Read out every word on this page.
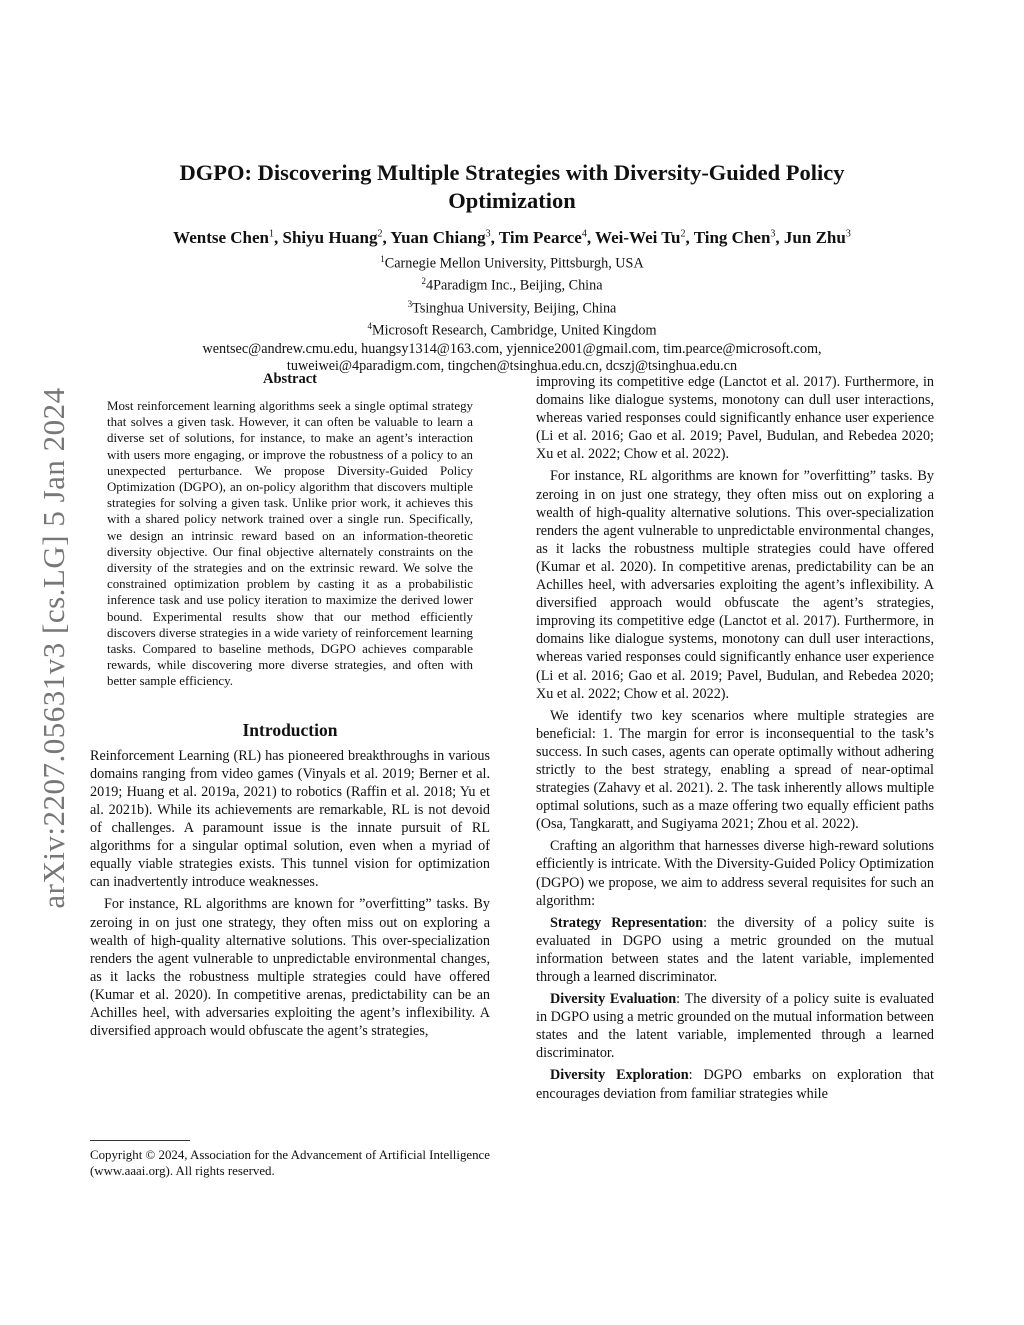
arXiv:2207.05631v3 [cs.LG] 5 Jan 2024
DGPO: Discovering Multiple Strategies with Diversity-Guided Policy
Optimization
Wentse Chen$^1$, Shiyu Huang$^2$, Yuan Chiang$^3$, Tim Pearce$^4$, Wei-Wei Tu$^2$, Ting Chen$^3$, Jun Zhu$^3$
$^1$Carnegie Mellon University, Pittsburgh, USA
$^2$4Paradigm Inc., Beijing, China
$^3$Tsinghua University, Beijing, China
$^4$Microsoft Research, Cambridge, United Kingdom
wentsec@andrew.cmu.edu, huangsy1314@163.com, yjennice2001@gmail.com, tim.pearce@microsoft.com,
tuweiwei@4paradigm.com, tingchen@tsinghua.edu.cn, dcszj@tsinghua.edu.cn
Abstract
Most reinforcement learning algorithms seek a single optimal strategy that solves a given task. However, it can often be valuable to learn a diverse set of solutions, for instance, to make an agent’s interaction with users more engaging, or improve the robustness of a policy to an unexpected perturbance. We propose Diversity-Guided Policy Optimization (DGPO), an on-policy algorithm that discovers multiple strategies for solving a given task. Unlike prior work, it achieves this with a shared policy network trained over a single run. Specifically, we design an intrinsic reward based on an information-theoretic diversity objective. Our final objective alternately constraints on the diversity of the strategies and on the extrinsic reward. We solve the constrained optimization problem by casting it as a probabilistic inference task and use policy iteration to maximize the derived lower bound. Experimental results show that our method efficiently discovers diverse strategies in a wide variety of reinforcement learning tasks. Compared to baseline methods, DGPO achieves comparable rewards, while discovering more diverse strategies, and often with better sample efficiency.
Introduction

Reinforcement Learning (RL) has pioneered breakthroughs in various domains ranging from video games (Vinyals et al. 2019; Berner et al. 2019; Huang et al. 2019a, 2021) to robotics (Raffin et al. 2018; Yu et al. 2021b). While its achievements are remarkable, RL is not devoid of challenges. A paramount issue is the innate pursuit of RL algorithms for a singular optimal solution, even when a myriad of equally viable strategies exists. This tunnel vision for optimization can inadvertently introduce weaknesses.

For instance, RL algorithms are known for ”overfitting” tasks. By zeroing in on just one strategy, they often miss out on exploring a wealth of high-quality alternative solutions. This over-specialization renders the agent vulnerable to unpredictable environmental changes, as it lacks the robustness multiple strategies could have offered (Kumar et al. 2020). In competitive arenas, predictability can be an Achilles heel, with adversaries exploiting the agent’s inflexibility. A diversified approach would obfuscate the agent’s strategies,

Copyright © 2024, Association for the Advancement of Artificial Intelligence (www.aaai.org). All rights reserved.

improving its competitive edge (Lanctot et al. 2017). Furthermore, in domains like dialogue systems, monotony can dull user interactions, whereas varied responses could significantly enhance user experience (Li et al. 2016; Gao et al. 2019; Pavel, Budulan, and Rebedea 2020; Xu et al. 2022; Chow et al. 2022).

For instance, RL algorithms are known for ”overfitting” tasks. By zeroing in on just one strategy, they often miss out on exploring a wealth of high-quality alternative solutions. This over-specialization renders the agent vulnerable to unpredictable environmental changes, as it lacks the robustness multiple strategies could have offered (Kumar et al. 2020). In competitive arenas, predictability can be an Achilles heel, with adversaries exploiting the agent’s inflexibility. A diversified approach would obfuscate the agent’s strategies, improving its competitive edge (Lanctot et al. 2017). Furthermore, in domains like dialogue systems, monotony can dull user interactions, whereas varied responses could significantly enhance user experience (Li et al. 2016; Gao et al. 2019; Pavel, Budulan, and Rebedea 2020; Xu et al. 2022; Chow et al. 2022).

We identify two key scenarios where multiple strategies are beneficial: 1. The margin for error is inconsequential to the task’s success. In such cases, agents can operate optimally without adhering strictly to the best strategy, enabling a spread of near-optimal strategies (Zahavy et al. 2021). 2. The task inherently allows multiple optimal solutions, such as a maze offering two equally efficient paths (Osa, Tangkaratt, and Sugiyama 2021; Zhou et al. 2022).

Crafting an algorithm that harnesses diverse high-reward solutions efficiently is intricate. With the Diversity-Guided Policy Optimization (DGPO) we propose, we aim to address several requisites for such an algorithm:

Strategy Representation: the diversity of a policy suite is evaluated in DGPO using a metric grounded on the mutual information between states and the latent variable, implemented through a learned discriminator.

Diversity Evaluation: The diversity of a policy suite is evaluated in DGPO using a metric grounded on the mutual information between states and the latent variable, implemented through a learned discriminator.

Diversity Exploration: DGPO embarks on exploration that encourages deviation from familiar strategies while
